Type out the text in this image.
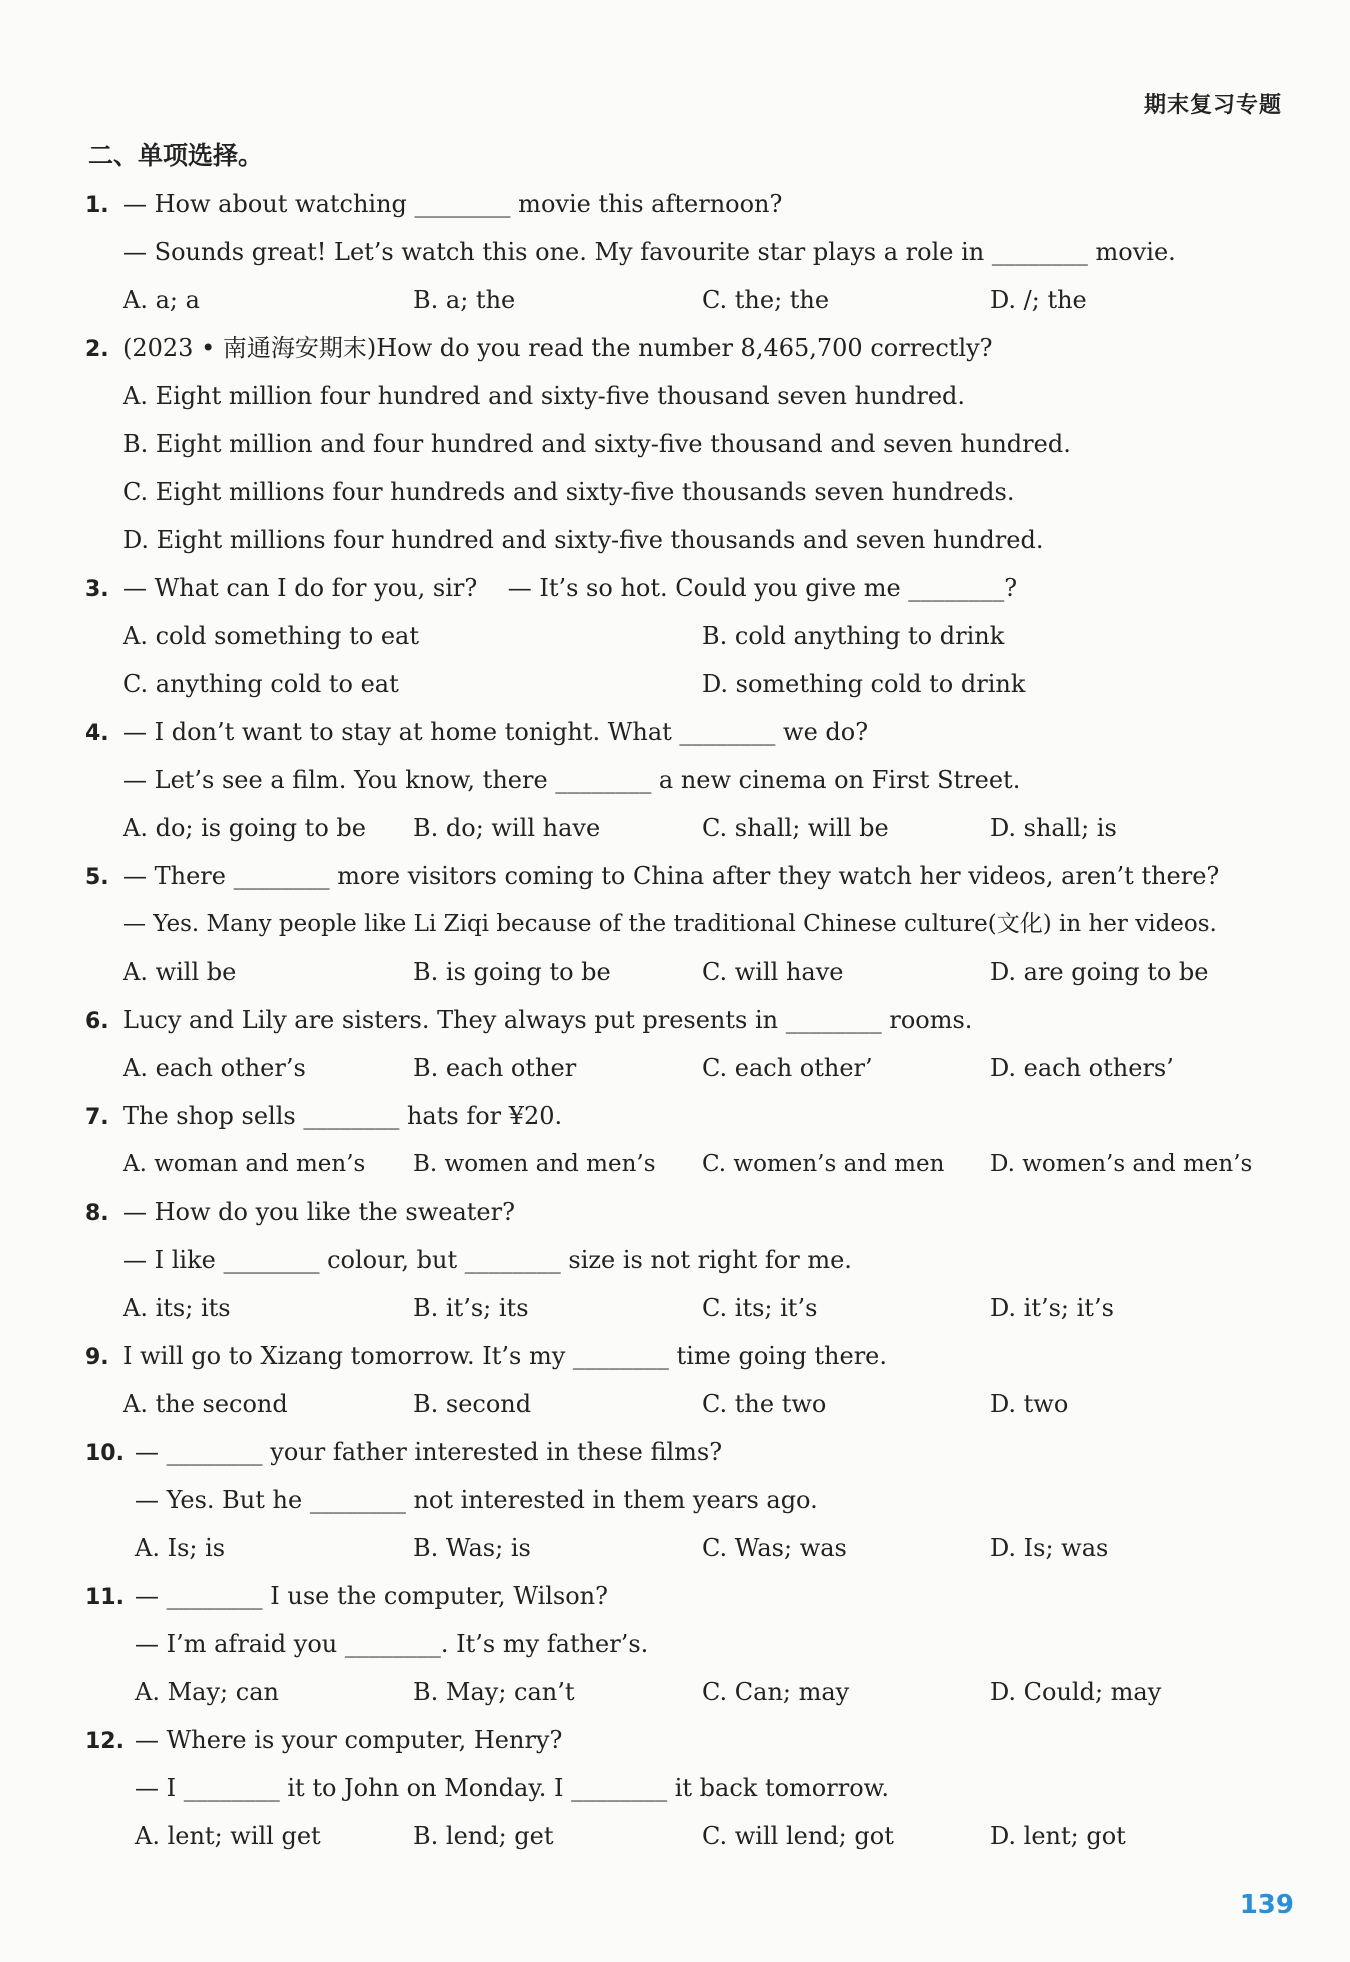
期末复习专题
二、单项选择。
1. — How about watching ________ movie this afternoon?
— Sounds great! Let’s watch this one. My favourite star plays a role in ________ movie.
A. a; a	B. a; the	C. the; the	D. /; the
2. (2023 • 南通海安期末)How do you read the number 8,465,700 correctly?
A. Eight million four hundred and sixty-five thousand seven hundred.
B. Eight million and four hundred and sixty-five thousand and seven hundred.
C. Eight millions four hundreds and sixty-five thousands seven hundreds.
D. Eight millions four hundred and sixty-five thousands and seven hundred.
3. — What can I do for you, sir?    — It’s so hot. Could you give me ________?
A. cold something to eat	B. cold anything to drink
C. anything cold to eat	D. something cold to drink
4. — I don’t want to stay at home tonight. What ________ we do?
— Let’s see a film. You know, there ________ a new cinema on First Street.
A. do; is going to be B. do; will have	C. shall; will be	D. shall; is
5. — There ________ more visitors coming to China after they watch her videos, aren’t there?
— Yes. Many people like Li Ziqi because of the traditional Chinese culture(文化) in her videos.
A. will be	B. is going to be	C. will have	D. are going to be
6. Lucy and Lily are sisters. They always put presents in ________ rooms.
A. each other’s	B. each other	C. each other’	D. each others’
7. The shop sells ________ hats for ¥20.
A. woman and men’s B. women and men’s C. women’s and men D. women’s and men’s
8. — How do you like the sweater?
— I like ________ colour, but ________ size is not right for me.
A. its; its	B. it’s; its	C. its; it’s	D. it’s; it’s
9. I will go to Xizang tomorrow. It’s my ________ time going there.
A. the second	B. second	C. the two	D. two
10. — ________ your father interested in these films?
— Yes. But he ________ not interested in them years ago.
A. Is; is	B. Was; is	C. Was; was	D. Is; was
11. — ________ I use the computer, Wilson?
— I’m afraid you ________. It’s my father’s.
A. May; can	B. May; can’t	C. Can; may	D. Could; may
12. — Where is your computer, Henry?
— I ________ it to John on Monday. I ________ it back tomorrow.
A. lent; will get	B. lend; get	C. will lend; got	D. lent; got
139
